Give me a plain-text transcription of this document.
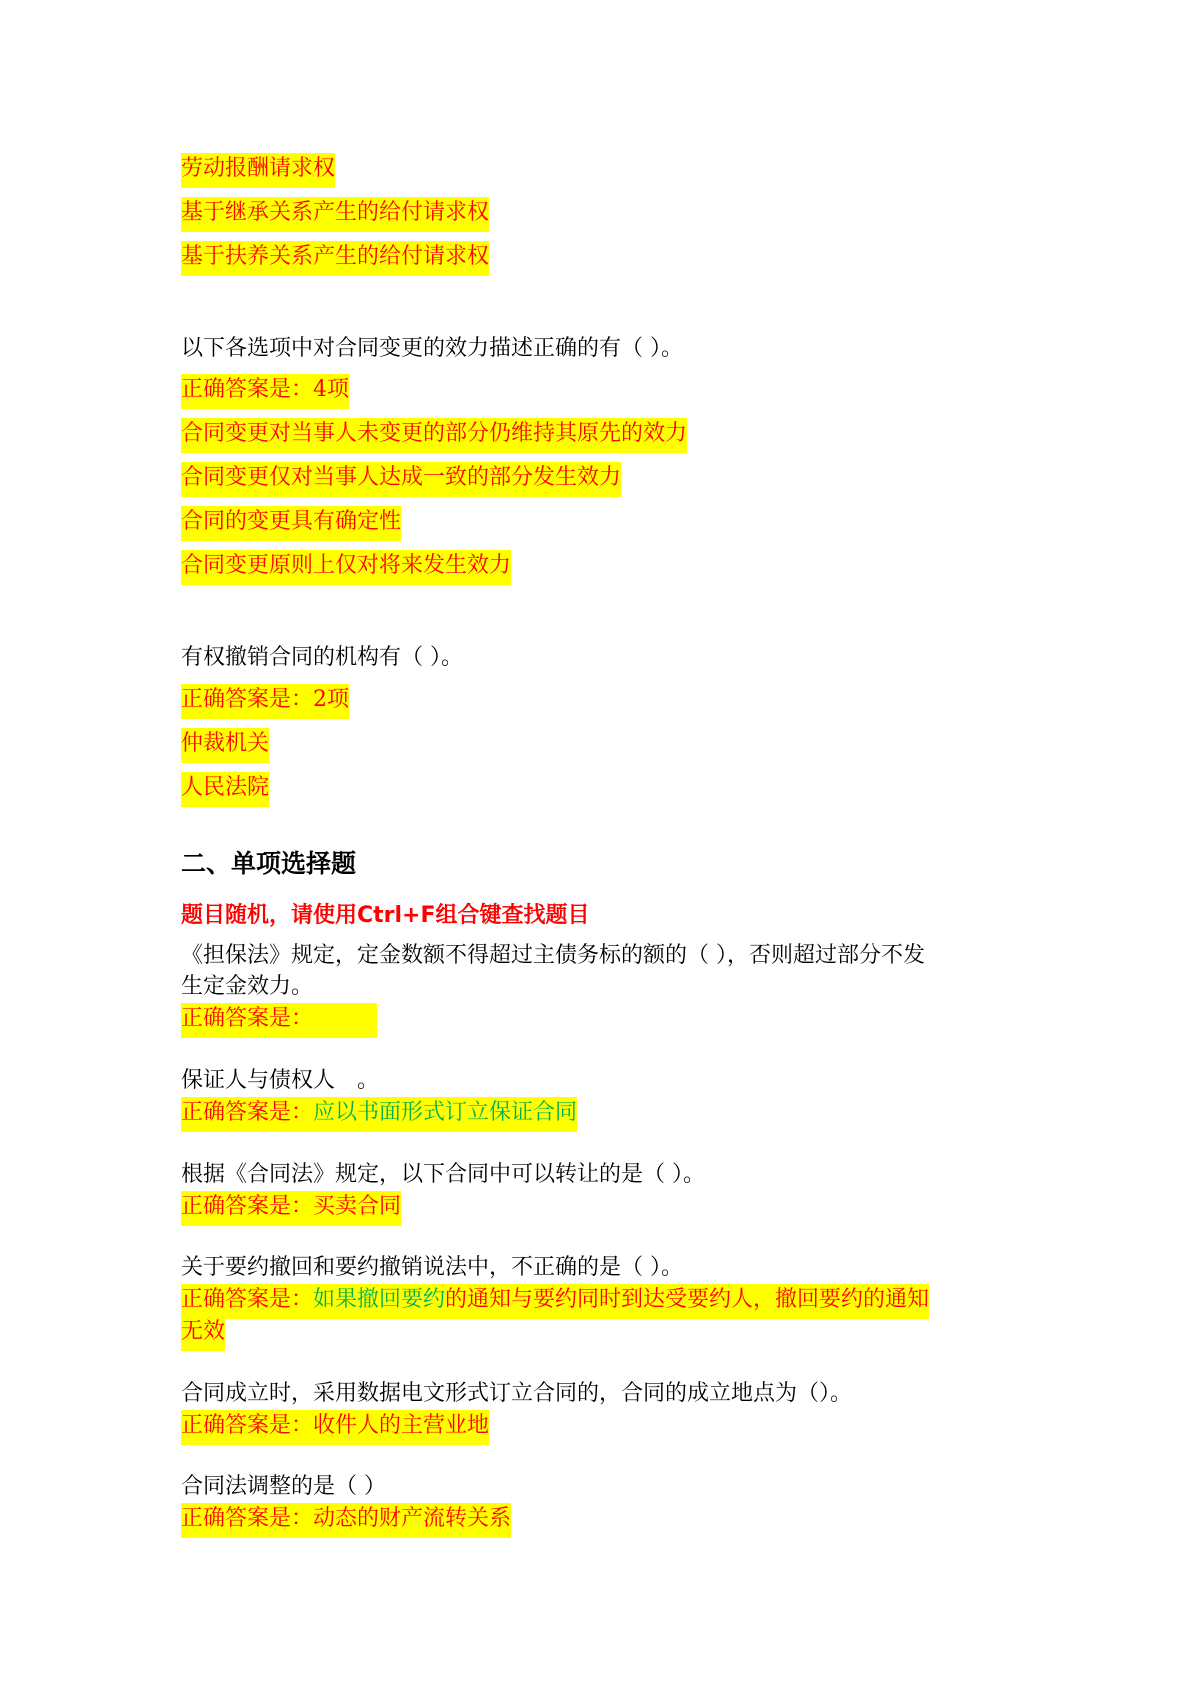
劳动报酬请求权
基于继承关系产生的给付请求权
基于扶养关系产生的给付请求权
以下各选项中对合同变更的效力描述正确的有（ ）。
正确答案是：4项
合同变更对当事人未变更的部分仍维持其原先的效力
合同变更仅对当事人达成一致的部分发生效力
合同的变更具有确定性
合同变更原则上仅对将来发生效力
有权撤销合同的机构有（ ）。
正确答案是：2项
仲裁机关
人民法院
二、单项选择题
题目随机，请使用Ctrl+F组合键查找题目
《担保法》规定，定金数额不得超过主债务标的额的（ ），否则超过部分不发
生定金效力。
正确答案是：
保证人与债权人　。
正确答案是：应以书面形式订立保证合同
根据《合同法》规定，以下合同中可以转让的是（ ）。
正确答案是：买卖合同
关于要约撤回和要约撤销说法中，不正确的是（ ）。
正确答案是：如果撤回要约的通知与要约同时到达受要约人，撤回要约的通知
无效
合同成立时，采用数据电文形式订立合同的，合同的成立地点为（）。
正确答案是：收件人的主营业地
合同法调整的是（ ）
正确答案是：动态的财产流转关系
